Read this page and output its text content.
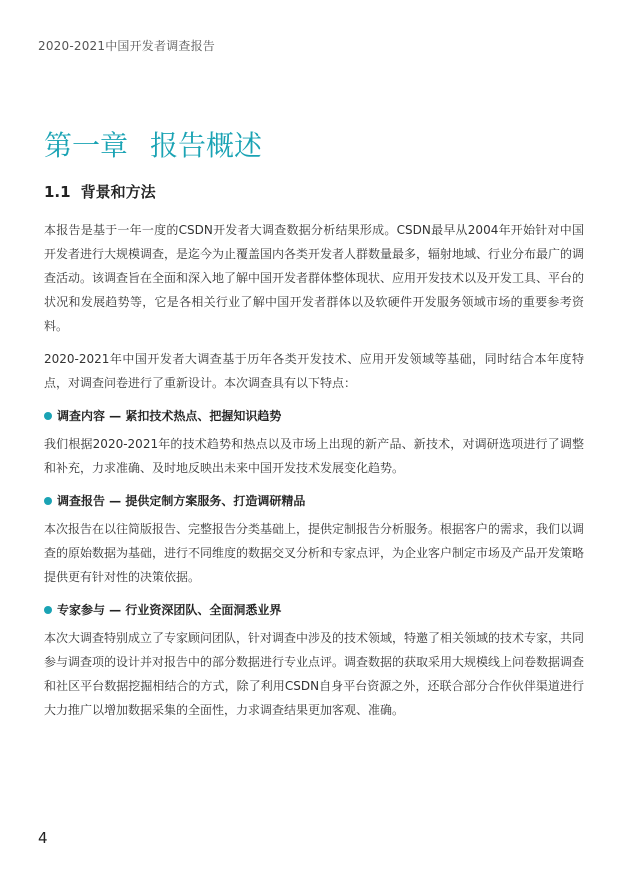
2020-2021中国开发者调查报告
第一章 报告概述
1.1 背景和方法

本报告是基于一年一度的CSDN开发者大调查数据分析结果形成。CSDN最早从2004年开始针对中国开发者进行大规模调查，是迄今为止覆盖国内各类开发者人群数量最多，辐射地域、行业分布最广的调查活动。该调查旨在全面和深入地了解中国开发者群体整体现状、应用开发技术以及开发工具、平台的状况和发展趋势等，它是各相关行业了解中国开发者群体以及软硬件开发服务领域市场的重要参考资料。

2020-2021年中国开发者大调查基于历年各类开发技术、应用开发领域等基础，同时结合本年度特点，对调查问卷进行了重新设计。本次调查具有以下特点：

调查内容 — 紧扣技术热点、把握知识趋势

我们根据2020-2021年的技术趋势和热点以及市场上出现的新产品、新技术，对调研选项进行了调整和补充，力求准确、及时地反映出未来中国开发技术发展变化趋势。

调查报告 — 提供定制方案服务、打造调研精品

本次报告在以往简版报告、完整报告分类基础上，提供定制报告分析服务。根据客户的需求，我们以调查的原始数据为基础，进行不同维度的数据交叉分析和专家点评，为企业客户制定市场及产品开发策略提供更有针对性的决策依据。

专家参与 — 行业资深团队、全面洞悉业界

本次大调查特别成立了专家顾问团队，针对调查中涉及的技术领域，特邀了相关领域的技术专家，共同参与调查项的设计并对报告中的部分数据进行专业点评。调查数据的获取采用大规模线上问卷数据调查和社区平台数据挖掘相结合的方式，除了利用CSDN自身平台资源之外，还联合部分合作伙伴渠道进行大力推广以增加数据采集的全面性，力求调查结果更加客观、准确。

4
